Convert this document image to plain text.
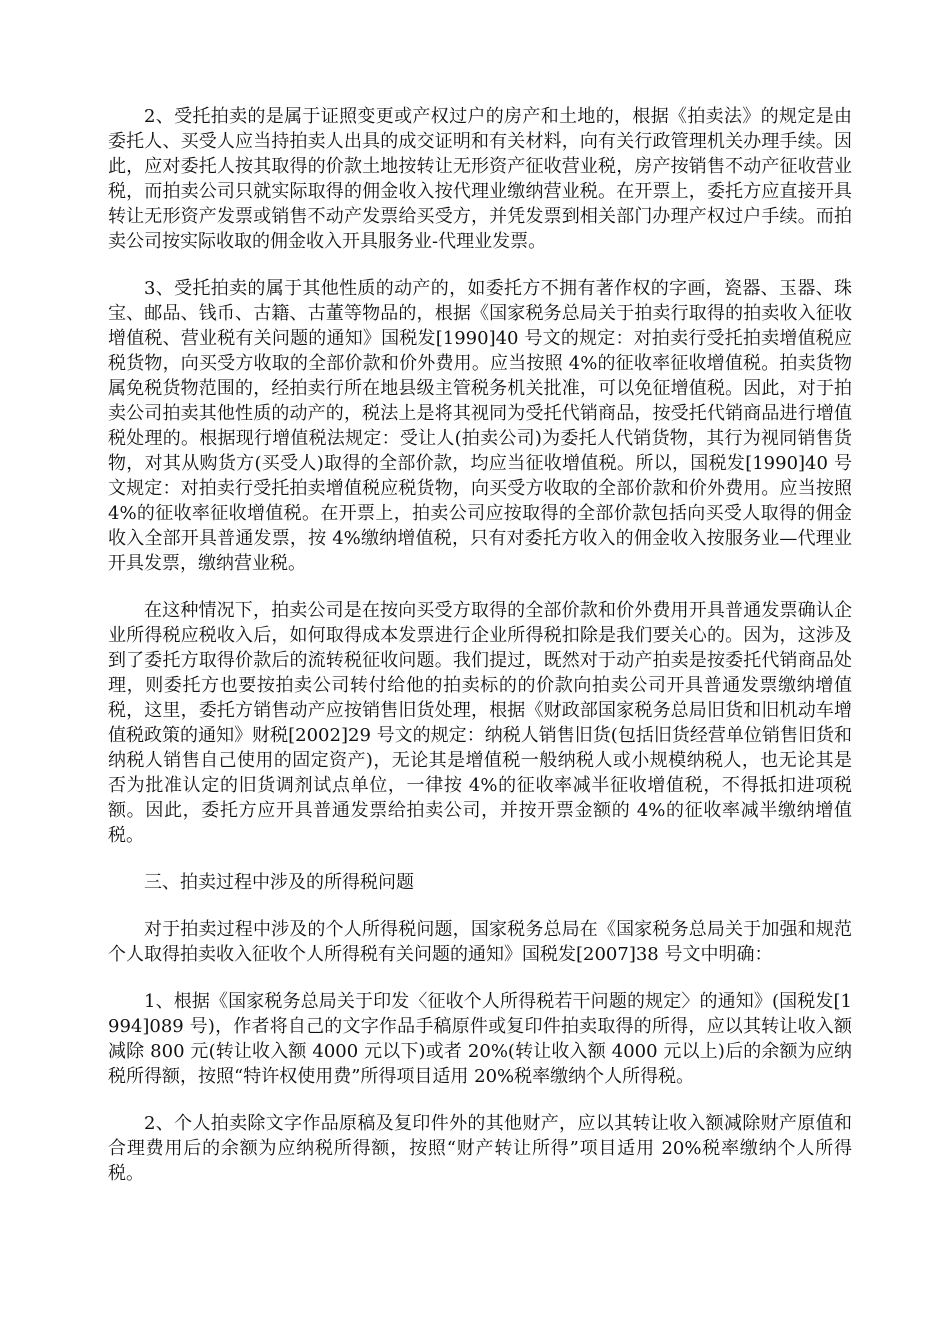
2、受托拍卖的是属于证照变更或产权过户的房产和土地的，根据《拍卖法》的规定是由委托人、买受人应当持拍卖人出具的成交证明和有关材料，向有关行政管理机关办理手续。因此，应对委托人按其取得的价款土地按转让无形资产征收营业税，房产按销售不动产征收营业税，而拍卖公司只就实际取得的佣金收入按代理业缴纳营业税。在开票上，委托方应直接开具转让无形资产发票或销售不动产发票给买受方，并凭发票到相关部门办理产权过户手续。而拍卖公司按实际收取的佣金收入开具服务业-代理业发票。

3、受托拍卖的属于其他性质的动产的，如委托方不拥有著作权的字画，瓷器、玉器、珠宝、邮品、钱币、古籍、古董等物品的，根据《国家税务总局关于拍卖行取得的拍卖收入征收增值税、营业税有关问题的通知》国税发[1990]40 号文的规定：对拍卖行受托拍卖增值税应税货物，向买受方收取的全部价款和价外费用。应当按照 4%的征收率征收增值税。拍卖货物属免税货物范围的，经拍卖行所在地县级主管税务机关批准，可以免征增值税。因此，对于拍卖公司拍卖其他性质的动产的，税法上是将其视同为受托代销商品，按受托代销商品进行增值税处理的。根据现行增值税法规定：受让人(拍卖公司)为委托人代销货物，其行为视同销售货物，对其从购货方(买受人)取得的全部价款，均应当征收增值税。所以，国税发[1990]40 号文规定：对拍卖行受托拍卖增值税应税货物，向买受方收取的全部价款和价外费用。应当按照 4%的征收率征收增值税。在开票上，拍卖公司应按取得的全部价款包括向买受人取得的佣金收入全部开具普通发票，按 4%缴纳增值税，只有对委托方收入的佣金收入按服务业—代理业开具发票，缴纳营业税。

在这种情况下，拍卖公司是在按向买受方取得的全部价款和价外费用开具普通发票确认企业所得税应税收入后，如何取得成本发票进行企业所得税扣除是我们要关心的。因为，这涉及到了委托方取得价款后的流转税征收问题。我们提过，既然对于动产拍卖是按委托代销商品处理，则委托方也要按拍卖公司转付给他的拍卖标的的价款向拍卖公司开具普通发票缴纳增值税，这里，委托方销售动产应按销售旧货处理，根据《财政部国家税务总局旧货和旧机动车增值税政策的通知》财税[2002]29 号文的规定：纳税人销售旧货(包括旧货经营单位销售旧货和纳税人销售自己使用的固定资产)，无论其是增值税一般纳税人或小规模纳税人，也无论其是否为批准认定的旧货调剂试点单位，一律按 4%的征收率减半征收增值税，不得抵扣进项税额。因此，委托方应开具普通发票给拍卖公司，并按开票金额的 4%的征收率减半缴纳增值税。

三、拍卖过程中涉及的所得税问题

对于拍卖过程中涉及的个人所得税问题，国家税务总局在《国家税务总局关于加强和规范个人取得拍卖收入征收个人所得税有关问题的通知》国税发[2007]38 号文中明确：

1、根据《国家税务总局关于印发〈征收个人所得税若干问题的规定〉的通知》(国税发[1994]089 号)，作者将自己的文字作品手稿原件或复印件拍卖取得的所得，应以其转让收入额减除 800 元(转让收入额 4000 元以下)或者 20%(转让收入额 4000 元以上)后的余额为应纳税所得额，按照“特许权使用费”所得项目适用 20%税率缴纳个人所得税。

2、个人拍卖除文字作品原稿及复印件外的其他财产，应以其转让收入额减除财产原值和合理费用后的余额为应纳税所得额，按照“财产转让所得”项目适用 20%税率缴纳个人所得税。
